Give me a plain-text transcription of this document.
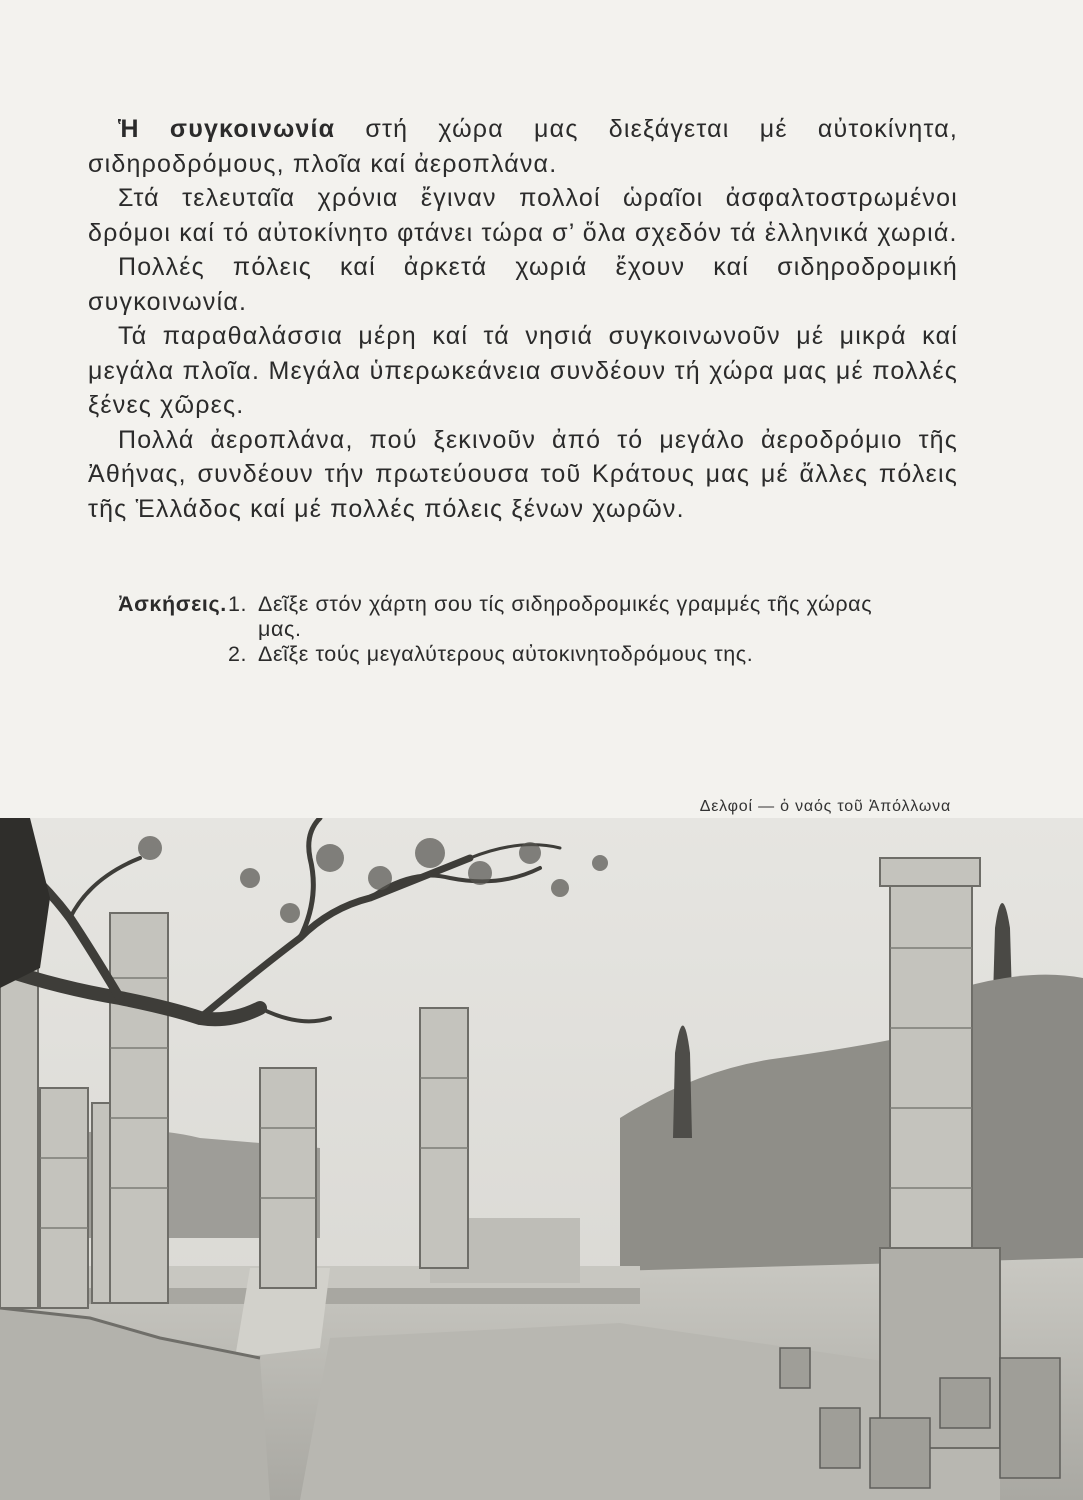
Ἡ συγκοινωνία στή χώρα μας διεξάγεται μέ αὐτοκίνητα, σιδηροδρόμους, πλοῖα καί ἀεροπλάνα.

Στά τελευταῖα χρόνια ἔγιναν πολλοί ὡραῖοι ἀσφαλτοστρωμένοι δρόμοι καί τό αὐτοκίνητο φτάνει τώρα σ’ ὅλα σχεδόν τά ἑλληνικά χωριά.

Πολλές πόλεις καί ἀρκετά χωριά ἔχουν καί σιδηροδρομική συγκοινωνία.

Τά παραθαλάσσια μέρη καί τά νησιά συγκοινωνοῦν μέ μικρά καί μεγάλα πλοῖα. Μεγάλα ὑπερωκεάνεια συνδέουν τή χώρα μας μέ πολλές ξένες χῶρες.

Πολλά ἀεροπλάνα, πού ξεκινοῦν ἀπό τό μεγάλο ἀεροδρόμιο τῆς Ἀθήνας, συνδέουν τήν πρωτεύουσα τοῦ Κράτους μας μέ ἄλλες πόλεις τῆς Ἑλλάδος καί μέ πολλές πόλεις ξένων χωρῶν.

Ἀσκήσεις. 1. Δεῖξε στόν χάρτη σου τίς σιδηροδρομικές γραμμές τῆς χώρας μας.
2. Δεῖξε τούς μεγαλύτερους αὐτοκινητοδρόμους της.
Δελφοί — ὁ ναός τοῦ Ἀπόλλωνα
